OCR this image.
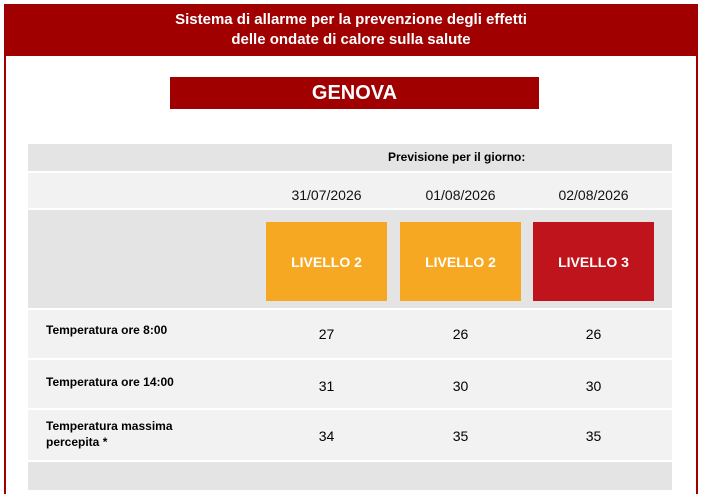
Sistema di allarme per la prevenzione degli effetti
delle ondate di calore sulla salute
GENOVA
Previsione per il giorno:
31/07/2026	01/08/2026	02/08/2026
LIVELLO 2	LIVELLO 2	LIVELLO 3
Temperatura ore 8:00	27	26	26
Temperatura ore 14:00	31	30	30
Temperatura massima
percepita *	34	35	35
